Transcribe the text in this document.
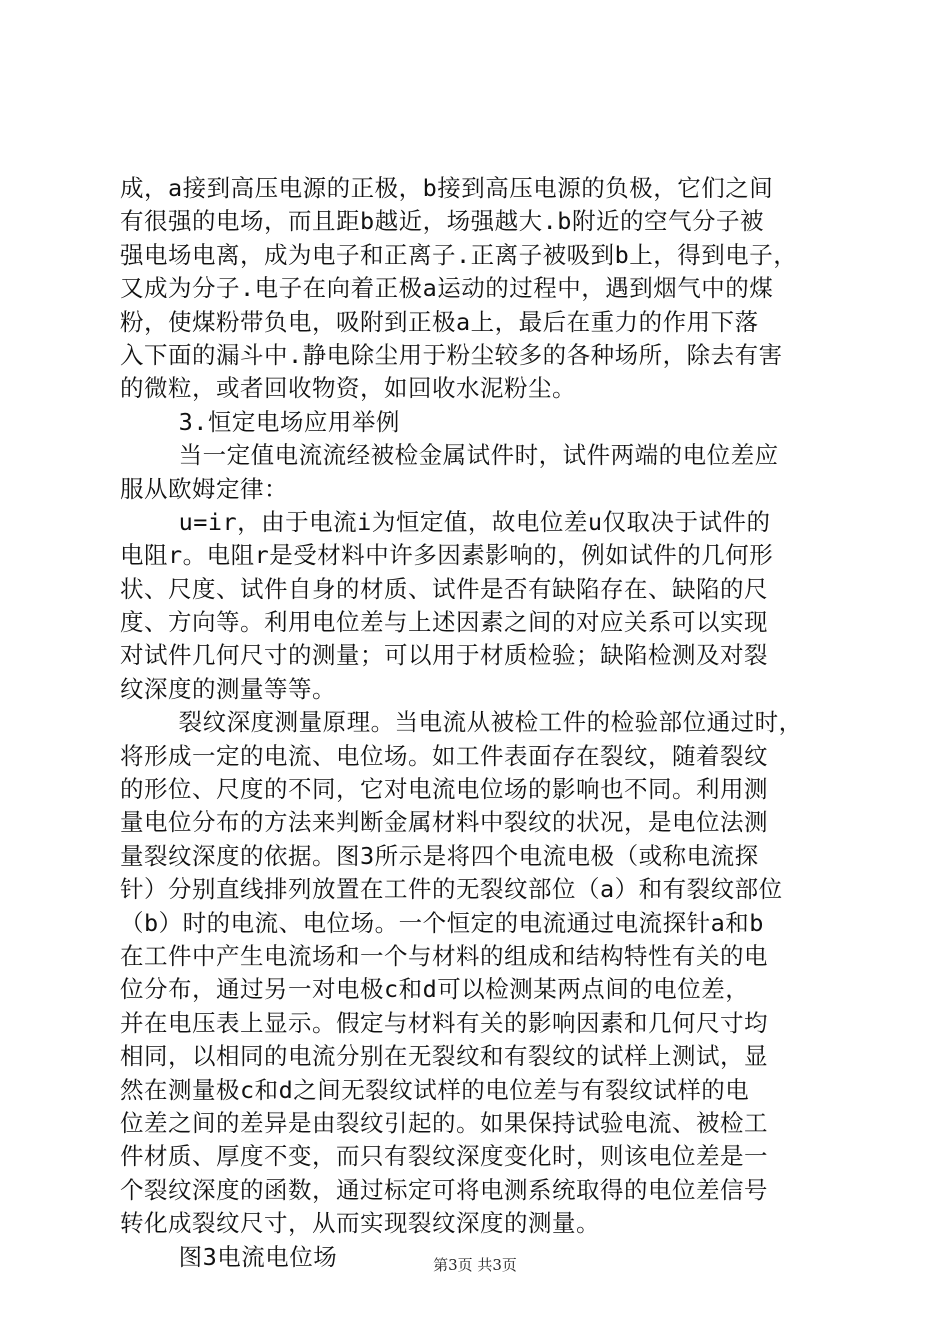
成，a接到高压电源的正极，b接到高压电源的负极，它们之间
有很强的电场，而且距b越近，场强越大.b附近的空气分子被
强电场电离，成为电子和正离子.正离子被吸到b上，得到电子，
又成为分子.电子在向着正极a运动的过程中，遇到烟气中的煤
粉，使煤粉带负电，吸附到正极a上，最后在重力的作用下落
入下面的漏斗中.静电除尘用于粉尘较多的各种场所，除去有害
的微粒，或者回收物资，如回收水泥粉尘。
3.恒定电场应用举例
当一定值电流流经被检金属试件时，试件两端的电位差应
服从欧姆定律：
u=ir，由于电流i为恒定值，故电位差u仅取决于试件的
电阻r。电阻r是受材料中许多因素影响的，例如试件的几何形
状、尺度、试件自身的材质、试件是否有缺陷存在、缺陷的尺
度、方向等。利用电位差与上述因素之间的对应关系可以实现
对试件几何尺寸的测量；可以用于材质检验；缺陷检测及对裂
纹深度的测量等等。
裂纹深度测量原理。当电流从被检工件的检验部位通过时，
将形成一定的电流、电位场。如工件表面存在裂纹，随着裂纹
的形位、尺度的不同，它对电流电位场的影响也不同。利用测
量电位分布的方法来判断金属材料中裂纹的状况，是电位法测
量裂纹深度的依据。图3所示是将四个电流电极（或称电流探
针）分别直线排列放置在工件的无裂纹部位（a）和有裂纹部位
（b）时的电流、电位场。一个恒定的电流通过电流探针a和b
在工件中产生电流场和一个与材料的组成和结构特性有关的电
位分布，通过另一对电极c和d可以检测某两点间的电位差，
并在电压表上显示。假定与材料有关的影响因素和几何尺寸均
相同，以相同的电流分别在无裂纹和有裂纹的试样上测试，显
然在测量极c和d之间无裂纹试样的电位差与有裂纹试样的电
位差之间的差异是由裂纹引起的。如果保持试验电流、被检工
件材质、厚度不变，而只有裂纹深度变化时，则该电位差是一
个裂纹深度的函数，通过标定可将电测系统取得的电位差信号
转化成裂纹尺寸，从而实现裂纹深度的测量。
图3电流电位场	第3页 共3页
